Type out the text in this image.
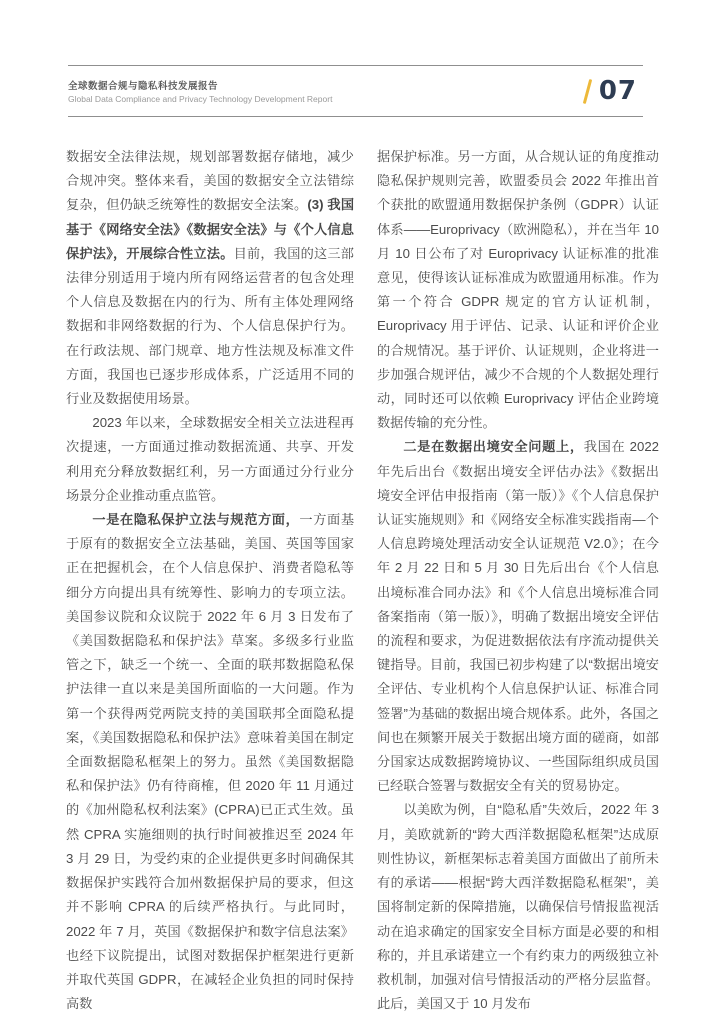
全球数据合规与隐私科技发展报告
Global Data Compliance and Privacy Technology Development Report	07

数据安全法律法规，规划部署数据存储地，减少合规冲突。整体来看，美国的数据安全立法错综复杂，但仍缺乏统筹性的数据安全法案。(3) 我国基于《网络安全法》《数据安全法》与《个人信息保护法》，开展综合性立法。目前，我国的这三部法律分别适用于境内所有网络运营者的包含处理个人信息及数据在内的行为、所有主体处理网络数据和非网络数据的行为、个人信息保护行为。在行政法规、部门规章、地方性法规及标准文件方面，我国也已逐步形成体系，广泛适用不同的行业及数据使用场景。

2023 年以来，全球数据安全相关立法进程再次提速，一方面通过推动数据流通、共享、开发利用充分释放数据红利，另一方面通过分行业分场景分企业推动重点监管。

一是在隐私保护立法与规范方面，一方面基于原有的数据安全立法基础，美国、英国等国家正在把握机会，在个人信息保护、消费者隐私等细分方向提出具有统筹性、影响力的专项立法。美国参议院和众议院于 2022 年 6 月 3 日发布了《美国数据隐私和保护法》草案。多级多行业监管之下，缺乏一个统一、全面的联邦数据隐私保护法律一直以来是美国所面临的一大问题。作为第一个获得两党两院支持的美国联邦全面隐私提案，《美国数据隐私和保护法》意味着美国在制定全面数据隐私框架上的努力。虽然《美国数据隐私和保护法》仍有待商榷，但 2020 年 11 月通过的《加州隐私权利法案》(CPRA)已正式生效。虽然 CPRA 实施细则的执行时间被推迟至 2024 年 3 月 29 日，为受约束的企业提供更多时间确保其数据保护实践符合加州数据保护局的要求，但这并不影响 CPRA 的后续严格执行。与此同时，2022 年 7 月，英国《数据保护和数字信息法案》也经下议院提出，试图对数据保护框架进行更新并取代英国 GDPR，在减轻企业负担的同时保持高数

据保护标准。另一方面，从合规认证的角度推动隐私保护规则完善，欧盟委员会 2022 年推出首个获批的欧盟通用数据保护条例（GDPR）认证体系——Europrivacy（欧洲隐私），并在当年 10 月 10 日公布了对 Europrivacy 认证标准的批准意见，使得该认证标准成为欧盟通用标准。作为第一个符合 GDPR 规定的官方认证机制，Europrivacy 用于评估、记录、认证和评价企业的合规情况。基于评价、认证规则，企业将进一步加强合规评估，减少不合规的个人数据处理行动，同时还可以依赖 Europrivacy 评估企业跨境数据传输的充分性。

二是在数据出境安全问题上，我国在 2022 年先后出台《数据出境安全评估办法》《数据出境安全评估申报指南（第一版）》《个人信息保护认证实施规则》和《网络安全标准实践指南—个人信息跨境处理活动安全认证规范 V2.0》；在今年 2 月 22 日和 5 月 30 日先后出台《个人信息出境标准合同办法》和《个人信息出境标准合同备案指南（第一版）》，明确了数据出境安全评估的流程和要求，为促进数据依法有序流动提供关键指导。目前，我国已初步构建了以“数据出境安全评估、专业机构个人信息保护认证、标准合同签署”为基础的数据出境合规体系。此外，各国之间也在频繁开展关于数据出境方面的磋商，如部分国家达成数据跨境协议、一些国际组织成员国已经联合签署与数据安全有关的贸易协定。

以美欧为例，自“隐私盾”失效后，2022 年 3 月，美欧就新的“跨大西洋数据隐私框架”达成原则性协议，新框架标志着美国方面做出了前所未有的承诺——根据“跨大西洋数据隐私框架”，美国将制定新的保障措施，以确保信号情报监视活动在追求确定的国家安全目标方面是必要的和相称的，并且承诺建立一个有约束力的两级独立补救机制，加强对信号情报活动的严格分层监督。此后，美国又于 10 月发布
